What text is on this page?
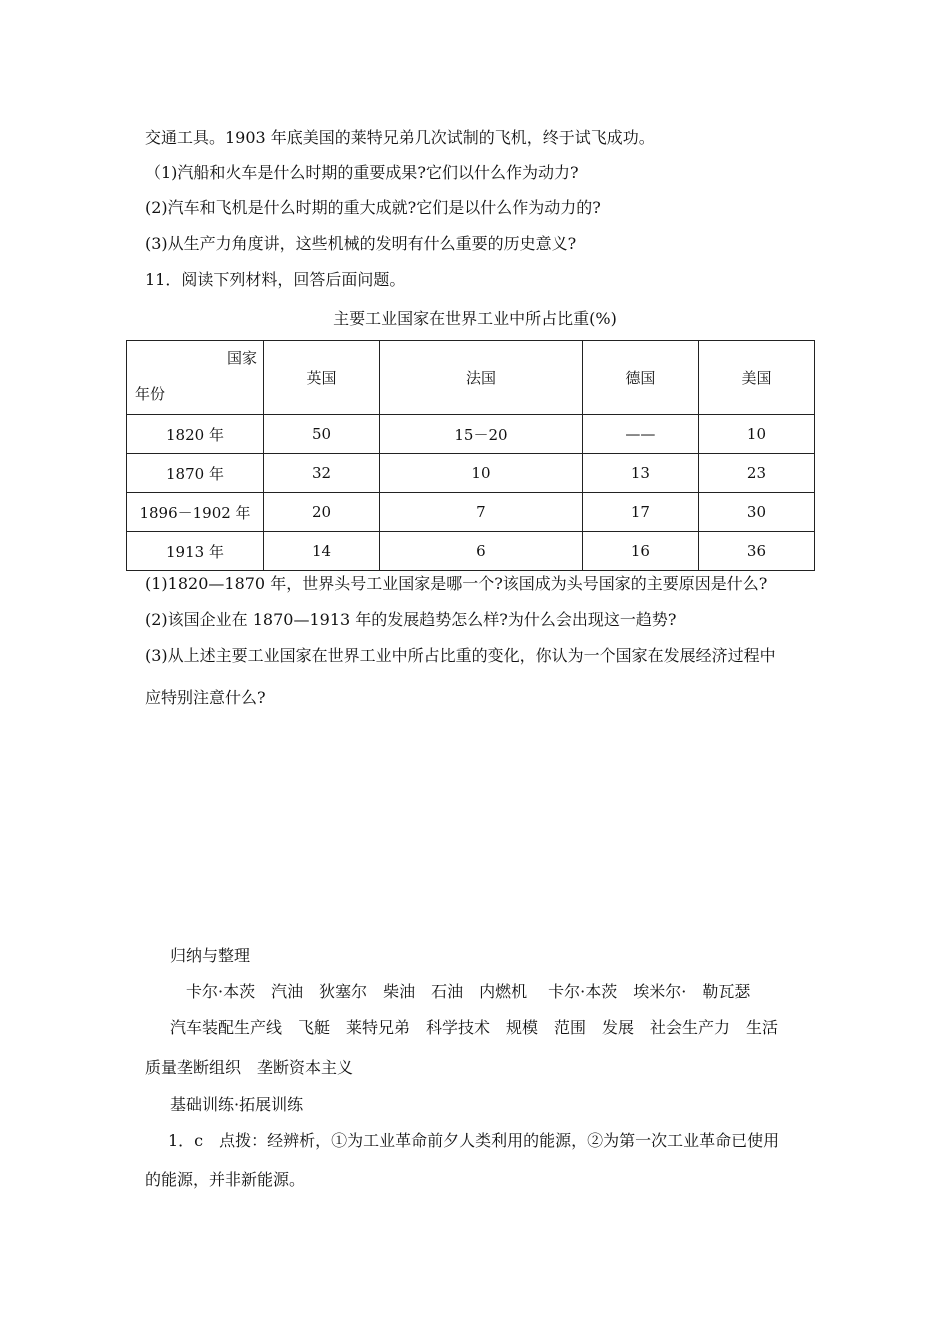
交通工具。1903 年底美国的莱特兄弟几次试制的飞机，终于试飞成功。
（1)汽船和火车是什么时期的重要成果?它们以什么作为动力?
(2)汽车和飞机是什么时期的重大成就?它们是以什么作为动力的?
(3)从生产力角度讲，这些机械的发明有什么重要的历史意义?
11．阅读下列材料，回答后面问题。
主要工业国家在世界工业中所占比重(%)
国家
年份	英国	法国	德国	美国
1820 年	50	15－20	——	10
1870 年	32	10	13	23
1896－1902 年	20	7	17	30
1913 年	14	6	16	36
(1)1820—1870 年，世界头号工业国家是哪一个?该国成为头号国家的主要原因是什么?
(2)该国企业在 1870—1913 年的发展趋势怎么样?为什么会出现这一趋势?
(3)从上述主要工业国家在世界工业中所占比重的变化，你认为一个国家在发展经济过程中
应特别注意什么?
归纳与整理
卡尔·本茨　汽油　狄塞尔　柴油　石油　内燃机　 卡尔·本茨　埃米尔·　勒瓦瑟
汽车装配生产线　飞艇　莱特兄弟　科学技术　规模　范围　发展　社会生产力　生活
质量垄断组织　垄断资本主义
基础训练·拓展训练
1．c　点拨：经辨析，①为工业革命前夕人类利用的能源，②为第一次工业革命已使用
的能源，并非新能源。
